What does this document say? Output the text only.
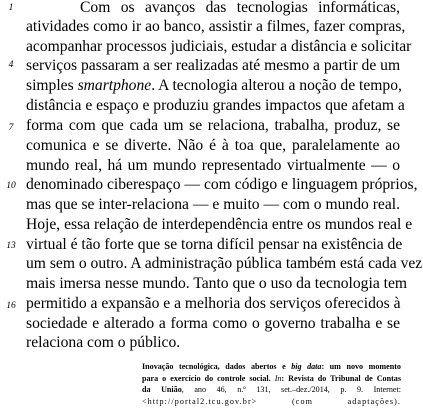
1
4
7
10
13
16
Com os avanços das tecnologias informáticas,
atividades como ir ao banco, assistir a filmes, fazer compras,
acompanhar processos judiciais, estudar a distância e solicitar
serviços passaram a ser realizadas até mesmo a partir de um
simples smartphone. A tecnologia alterou a noção de tempo,
distância e espaço e produziu grandes impactos que afetam a
forma com que cada um se relaciona, trabalha, produz, se
comunica e se diverte. Não é à toa que, paralelamente ao
mundo real, há um mundo representado virtualmente — o
denominado ciberespaço — com código e linguagem próprios,
mas que se inter-relaciona — e muito — com o mundo real.
Hoje, essa relação de interdependência entre os mundos real e
virtual é tão forte que se torna difícil pensar na existência de
um sem o outro. A administração pública também está cada vez
mais imersa nesse mundo. Tanto que o uso da tecnologia tem
permitido a expansão e a melhoria dos serviços oferecidos à
sociedade e alterado a forma como o governo trabalha e se
relaciona com o público.
Inovação tecnológica, dados abertos e big data: um novo momento
para o exercício do controle social. In: Revista do Tribunal de Contas
da União, ano 46, n.º 131, set.–dez./2014, p. 9. Internet:
<http://portal2.tcu.gov.br> (com adaptações).
